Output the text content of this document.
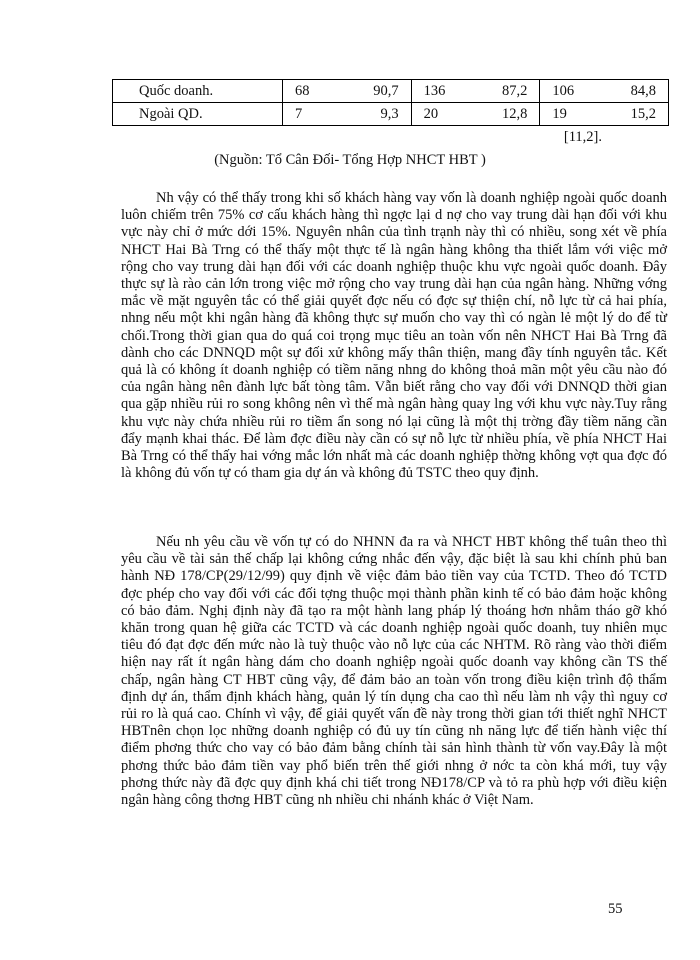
Quốc doanh.	68 90,7	136 87,2	106 84,8

Ngoài QD.	7 9,3	20 12,8	19 15,2
[11,2].
(Nguồn: Tổ Cân Đối- Tổng Hợp NHCT HBT )

Nh vậy có thể thấy trong khi số khách hàng vay vốn là doanh nghiệp ngoài quốc doanh luôn chiếm trên 75% cơ cấu khách hàng thì ngợc lại d nợ cho vay trung dài hạn đối với khu vực này chỉ ở mức dới 15%. Nguyên nhân của tình trạnh này thì có nhiều, song xét về phía NHCT Hai Bà Trng có thể thấy một thực tế là ngân hàng không tha thiết lắm với việc mở rộng cho vay trung dài hạn đối với các doanh nghiệp thuộc khu vực ngoài quốc doanh. Đây thực sự là rào cản lớn trong việc mở rộng cho vay trung dài hạn của ngân hàng. Những vớng mắc về mặt nguyên tắc có thể giải quyết đợc nếu có đợc sự thiện chí, nỗ lực từ cả hai phía, nhng nếu một khi ngân hàng đã không thực sự muốn cho vay thì có ngàn lẻ một lý do để từ chối.Trong thời gian qua do quá coi trọng mục tiêu an toàn vốn nên NHCT Hai Bà Trng đã dành cho các DNNQD một sự đối xử không mấy thân thiện, mang đầy tính nguyên tắc. Kết quả là có không ít doanh nghiệp có tiềm năng nhng do không thoả mãn một yêu cầu nào đó của ngân hàng nên đành lực bất tòng tâm. Vẫn biết rằng cho vay đối với DNNQD thời gian qua gặp nhiều rủi ro song không nên vì thế mà ngân hàng quay lng với khu vực này.Tuy rằng khu vực này chứa nhiều rủi ro tiềm ẩn song nó lại cũng là một thị trờng đầy tiềm năng cần đẩy mạnh khai thác. Để làm đợc điều này cần có sự nỗ lực từ nhiều phía, về phía NHCT Hai Bà Trng có thể thấy hai vớng mắc lớn nhất mà các doanh nghiệp thờng không vợt qua đợc đó là không đủ vốn tự có tham gia dự án và không đủ TSTC theo quy định.

Nếu nh yêu cầu về vốn tự có do NHNN đa ra và NHCT HBT không thể tuân theo thì yêu cầu về tài sản thế chấp lại không cứng nhắc đến vậy, đặc biệt là sau khi chính phủ ban hành NĐ 178/CP(29/12/99) quy định về việc đảm bảo tiền vay của TCTD. Theo đó TCTD đợc phép cho vay đối với các đối tợng thuộc mọi thành phần kinh tế có bảo đảm hoặc không có bảo đảm. Nghị định này đã tạo ra một hành lang pháp lý thoáng hơn nhằm tháo gỡ khó khăn trong quan hệ giữa các TCTD và các doanh nghiệp ngoài quốc doanh, tuy nhiên mục tiêu đó đạt đợc đến mức nào là tuỳ thuộc vào nỗ lực của các NHTM. Rõ ràng vào thời điểm hiện nay rất ít ngân hàng dám cho doanh nghiệp ngoài quốc doanh vay không cần TS thế chấp, ngân hàng CT HBT cũng vậy, để đảm bảo an toàn vốn trong điều kiện trình độ thẩm định dự án, thẩm định khách hàng, quản lý tín dụng cha cao thì nếu làm nh vậy thì nguy cơ rủi ro là quá cao. Chính vì vậy, để giải quyết vấn đề này trong thời gian tới thiết nghĩ NHCT HBTnên chọn lọc những doanh nghiệp có đủ uy tín cũng nh năng lực để tiến hành việc thí điểm phơng thức cho vay có bảo đảm bằng chính tài sản hình thành từ vốn vay.Đây là một phơng thức bảo đảm tiền vay phổ biến trên thế giới nhng ở nớc ta còn khá mới, tuy vậy phơng thức này đã đợc quy định khá chi tiết trong NĐ178/CP và tỏ ra phù hợp với điều kiện ngân hàng công thơng HBT cũng nh nhiều chi nhánh khác ở Việt Nam.

55
